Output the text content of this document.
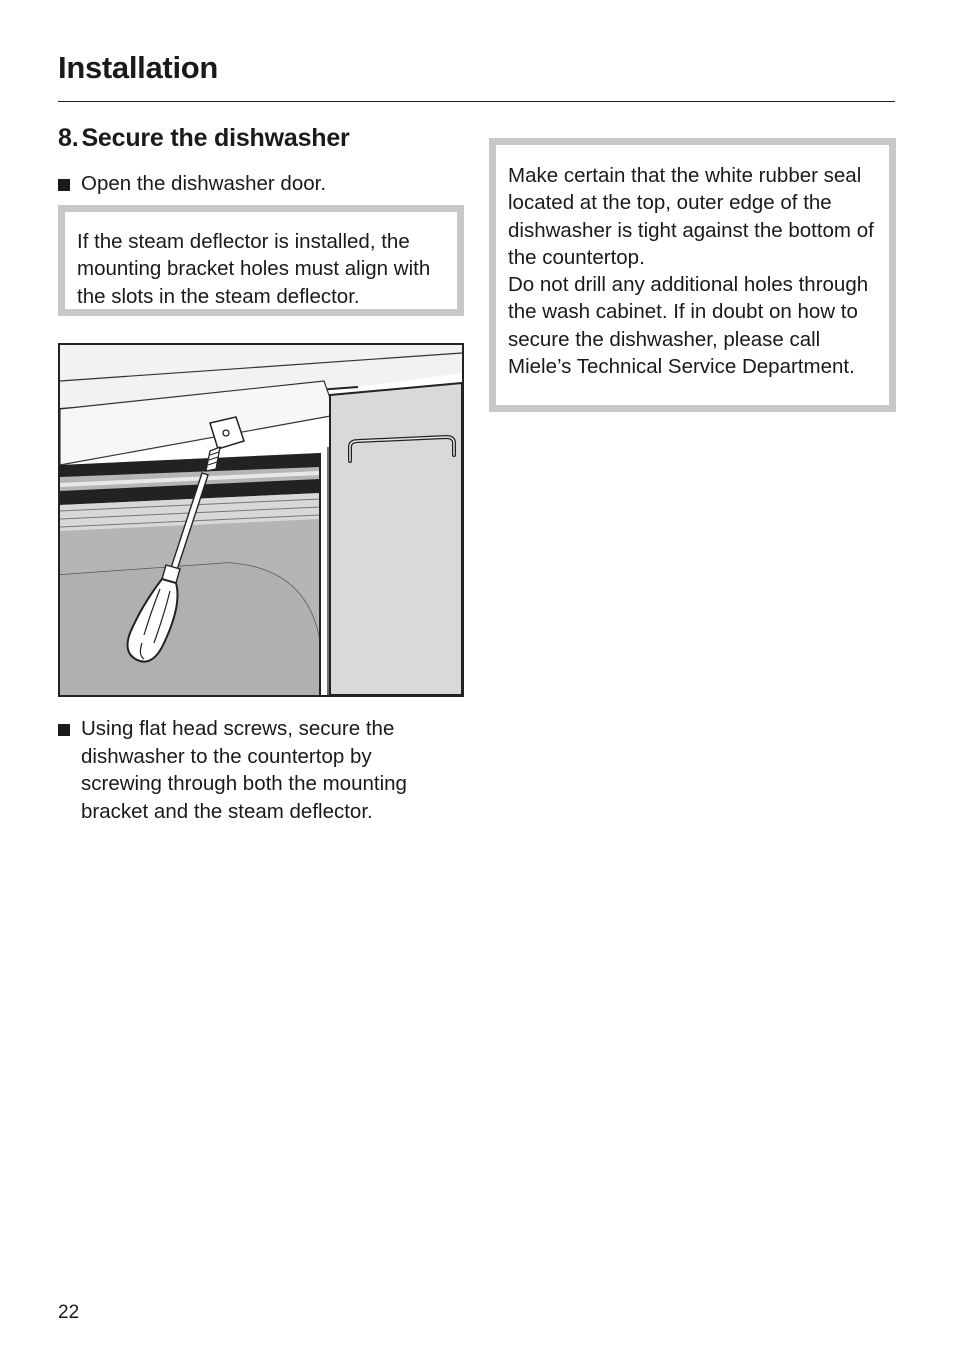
Installation
8. Secure the dishwasher
Open the dishwasher door.

If the steam deflector is installed, the mounting bracket holes must align with the slots in the steam deflector.

Using flat head screws, secure the dishwasher to the countertop by screwing through both the mounting bracket and the steam deflector.

Make certain that the white rubber seal located at the top, outer edge of the dishwasher is tight against the bottom of the countertop.

Do not drill any additional holes through the wash cabinet. If in doubt on how to secure the dishwasher, please call Miele’s Technical Service Department.

22
